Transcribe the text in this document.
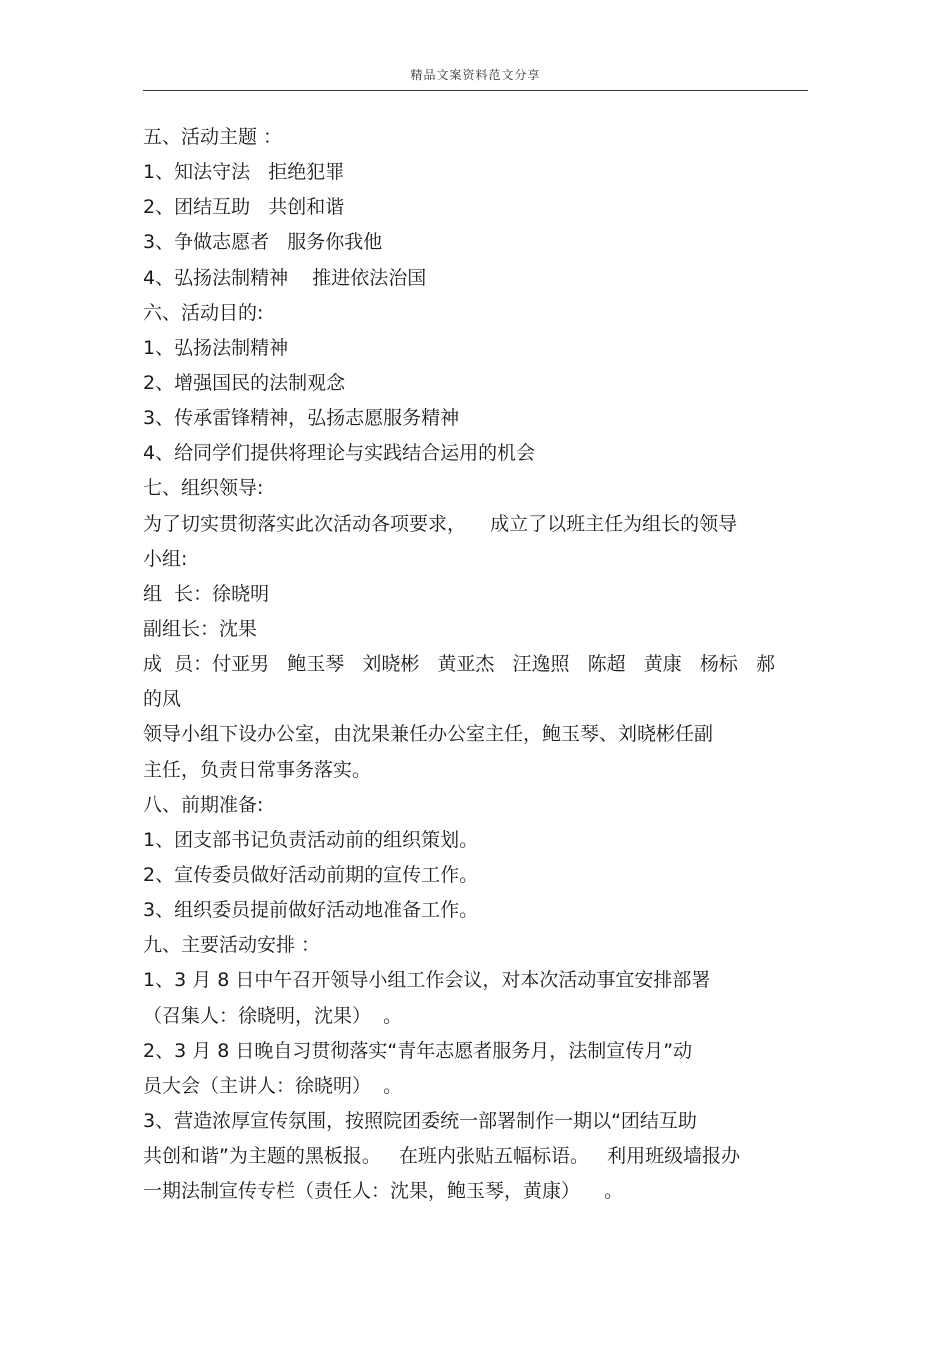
精品文案资料范文分享
五、活动主题 ：
1、知法守法   拒绝犯罪
2、团结互助   共创和谐
3、争做志愿者   服务你我他
4、弘扬法制精神    推进依法治国
六、活动目的:
1、弘扬法制精神
2、增强国民的法制观念
3、传承雷锋精神，弘扬志愿服务精神
4、给同学们提供将理论与实践结合运用的机会
七、组织领导:
为了切实贯彻落实此次活动各项要求，    成立了以班主任为组长的领导
小组:
组  长：徐晓明
副组长：沈果
成  员：付亚男   鲍玉琴   刘晓彬   黄亚杰   汪逸照   陈超   黄康   杨标   郝
的凤
领导小组下设办公室，由沈果兼任办公室主任，鲍玉琴、刘晓彬任副
主任，负责日常事务落实。
八、前期准备:
1、团支部书记负责活动前的组织策划。
2、宣传委员做好活动前期的宣传工作。
3、组织委员提前做好活动地准备工作。
九、主要活动安排 ：
1、3 月 8 日中午召开领导小组工作会议，对本次活动事宜安排部署
（召集人：徐晓明，沈果）  。
2、3 月 8 日晚自习贯彻落实“青年志愿者服务月，法制宣传月”动
员大会（主讲人：徐晓明）  。
3、营造浓厚宣传氛围，按照院团委统一部署制作一期以“团结互助
共创和谐”为主题的黑板报。   在班内张贴五幅标语。   利用班级墙报办
一期法制宣传专栏（责任人：沈果，鲍玉琴，黄康）    。
